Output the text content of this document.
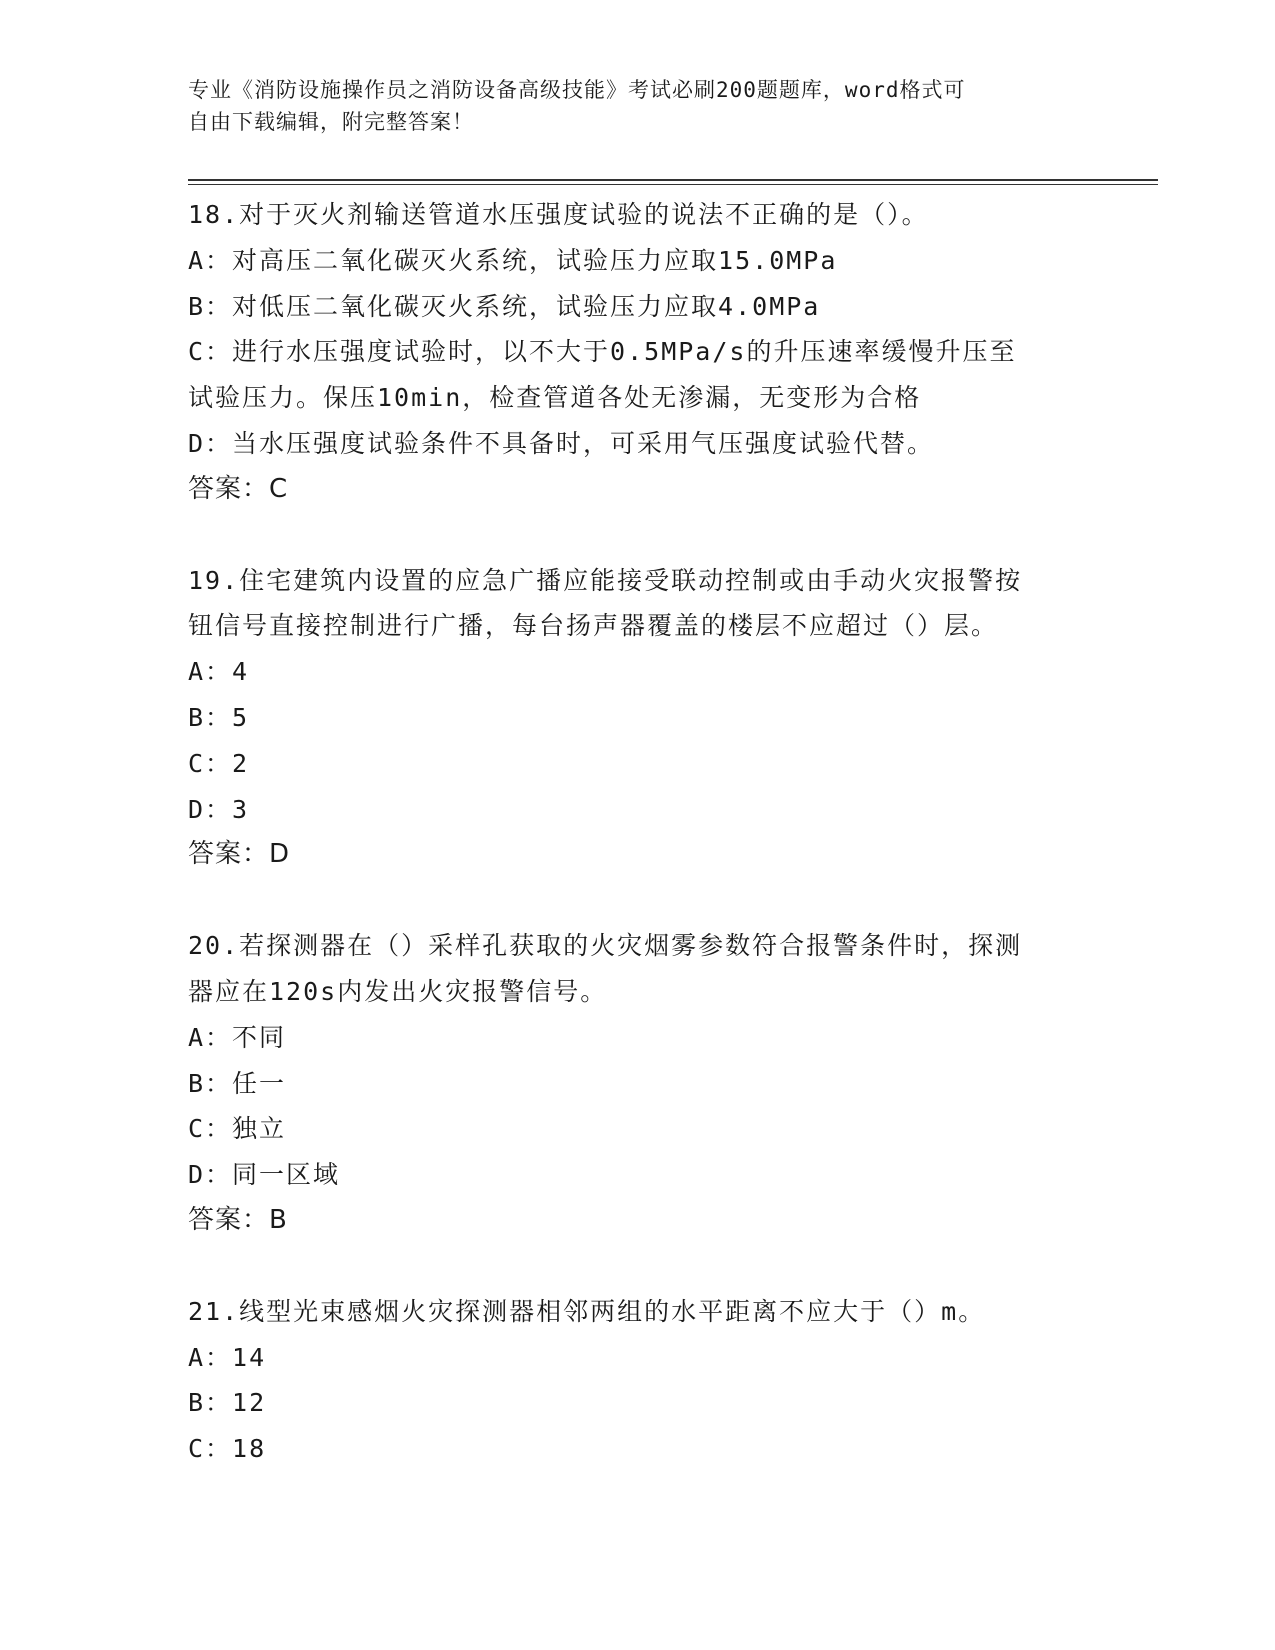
专业《消防设施操作员之消防设备高级技能》考试必刷200题题库，word格式可
自由下载编辑，附完整答案！
18.对于灭火剂输送管道水压强度试验的说法不正确的是（）。
A：对高压二氧化碳灭火系统，试验压力应取15.0MPa
B：对低压二氧化碳灭火系统，试验压力应取4.0MPa
C：进行水压强度试验时，以不大于0.5MPa/s的升压速率缓慢升压至
试验压力。保压10min，检查管道各处无渗漏，无变形为合格
D：当水压强度试验条件不具备时，可采用气压强度试验代替。
答案：C
19.住宅建筑内设置的应急广播应能接受联动控制或由手动火灾报警按
钮信号直接控制进行广播，每台扬声器覆盖的楼层不应超过（）层。
A：4
B：5
C：2
D：3
答案：D
20.若探测器在（）采样孔获取的火灾烟雾参数符合报警条件时，探测
器应在120s内发出火灾报警信号。
A：不同
B：任一
C：独立
D：同一区域
答案：B
21.线型光束感烟火灾探测器相邻两组的水平距离不应大于（）m。
A：14
B：12
C：18
